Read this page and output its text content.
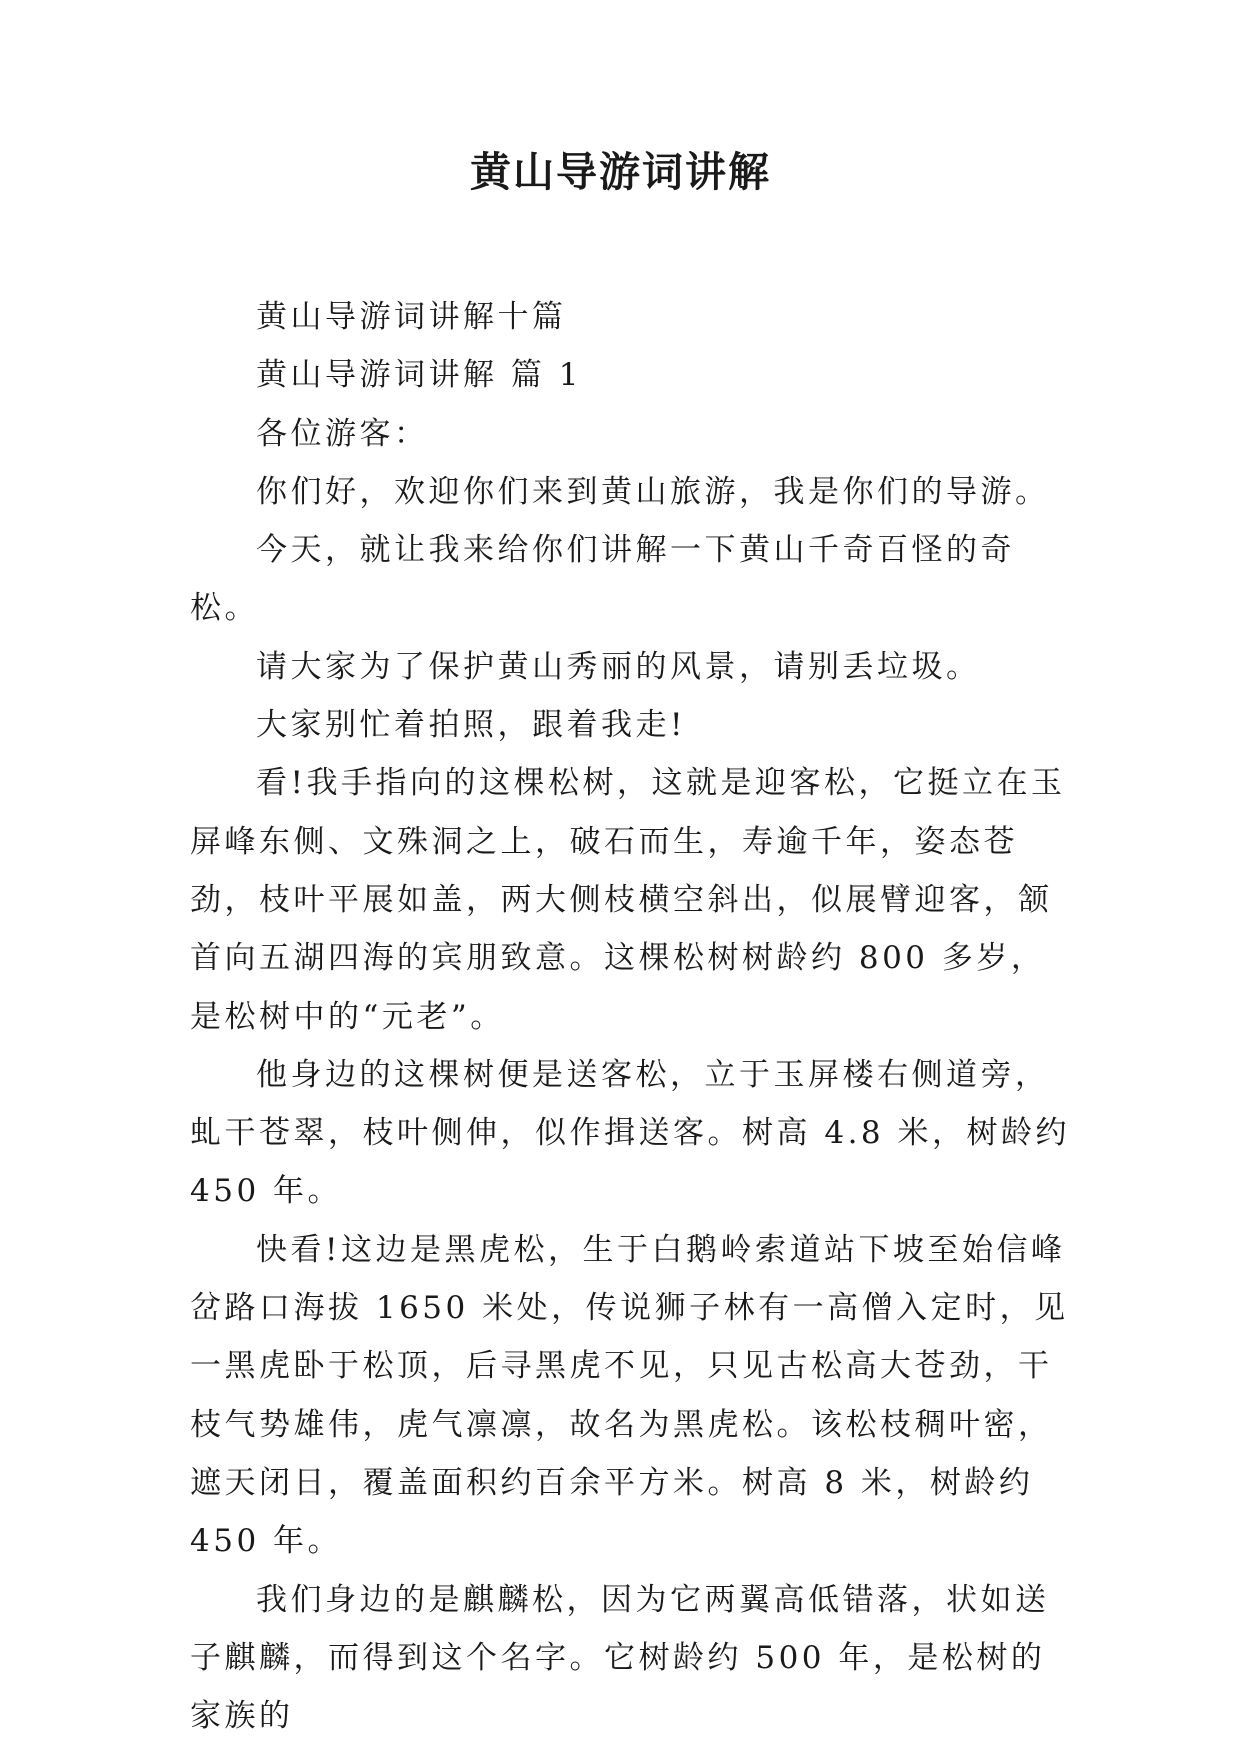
黄山导游词讲解

黄山导游词讲解十篇

黄山导游词讲解 篇 1

各位游客：

你们好，欢迎你们来到黄山旅游，我是你们的导游。

今天，就让我来给你们讲解一下黄山千奇百怪的奇松。

请大家为了保护黄山秀丽的风景，请别丢垃圾。

大家别忙着拍照，跟着我走!

看!我手指向的这棵松树，这就是迎客松，它挺立在玉屏峰东侧、文殊洞之上，破石而生，寿逾千年，姿态苍劲，枝叶平展如盖，两大侧枝横空斜出，似展臂迎客，颔首向五湖四海的宾朋致意。这棵松树树龄约 800 多岁，是松树中的“元老”。

他身边的这棵树便是送客松，立于玉屏楼右侧道旁，虬干苍翠，枝叶侧伸，似作揖送客。树高 4.8 米，树龄约 450 年。

快看!这边是黑虎松，生于白鹅岭索道站下坡至始信峰岔路口海拔 1650 米处，传说狮子林有一高僧入定时，见一黑虎卧于松顶，后寻黑虎不见，只见古松高大苍劲，干枝气势雄伟，虎气凛凛，故名为黑虎松。该松枝稠叶密，遮天闭日，覆盖面积约百余平方米。树高 8 米，树龄约 450 年。

我们身边的是麒麟松，因为它两翼高低错落，状如送子麒麟，而得到这个名字。它树龄约 500 年，是松树的家族的
